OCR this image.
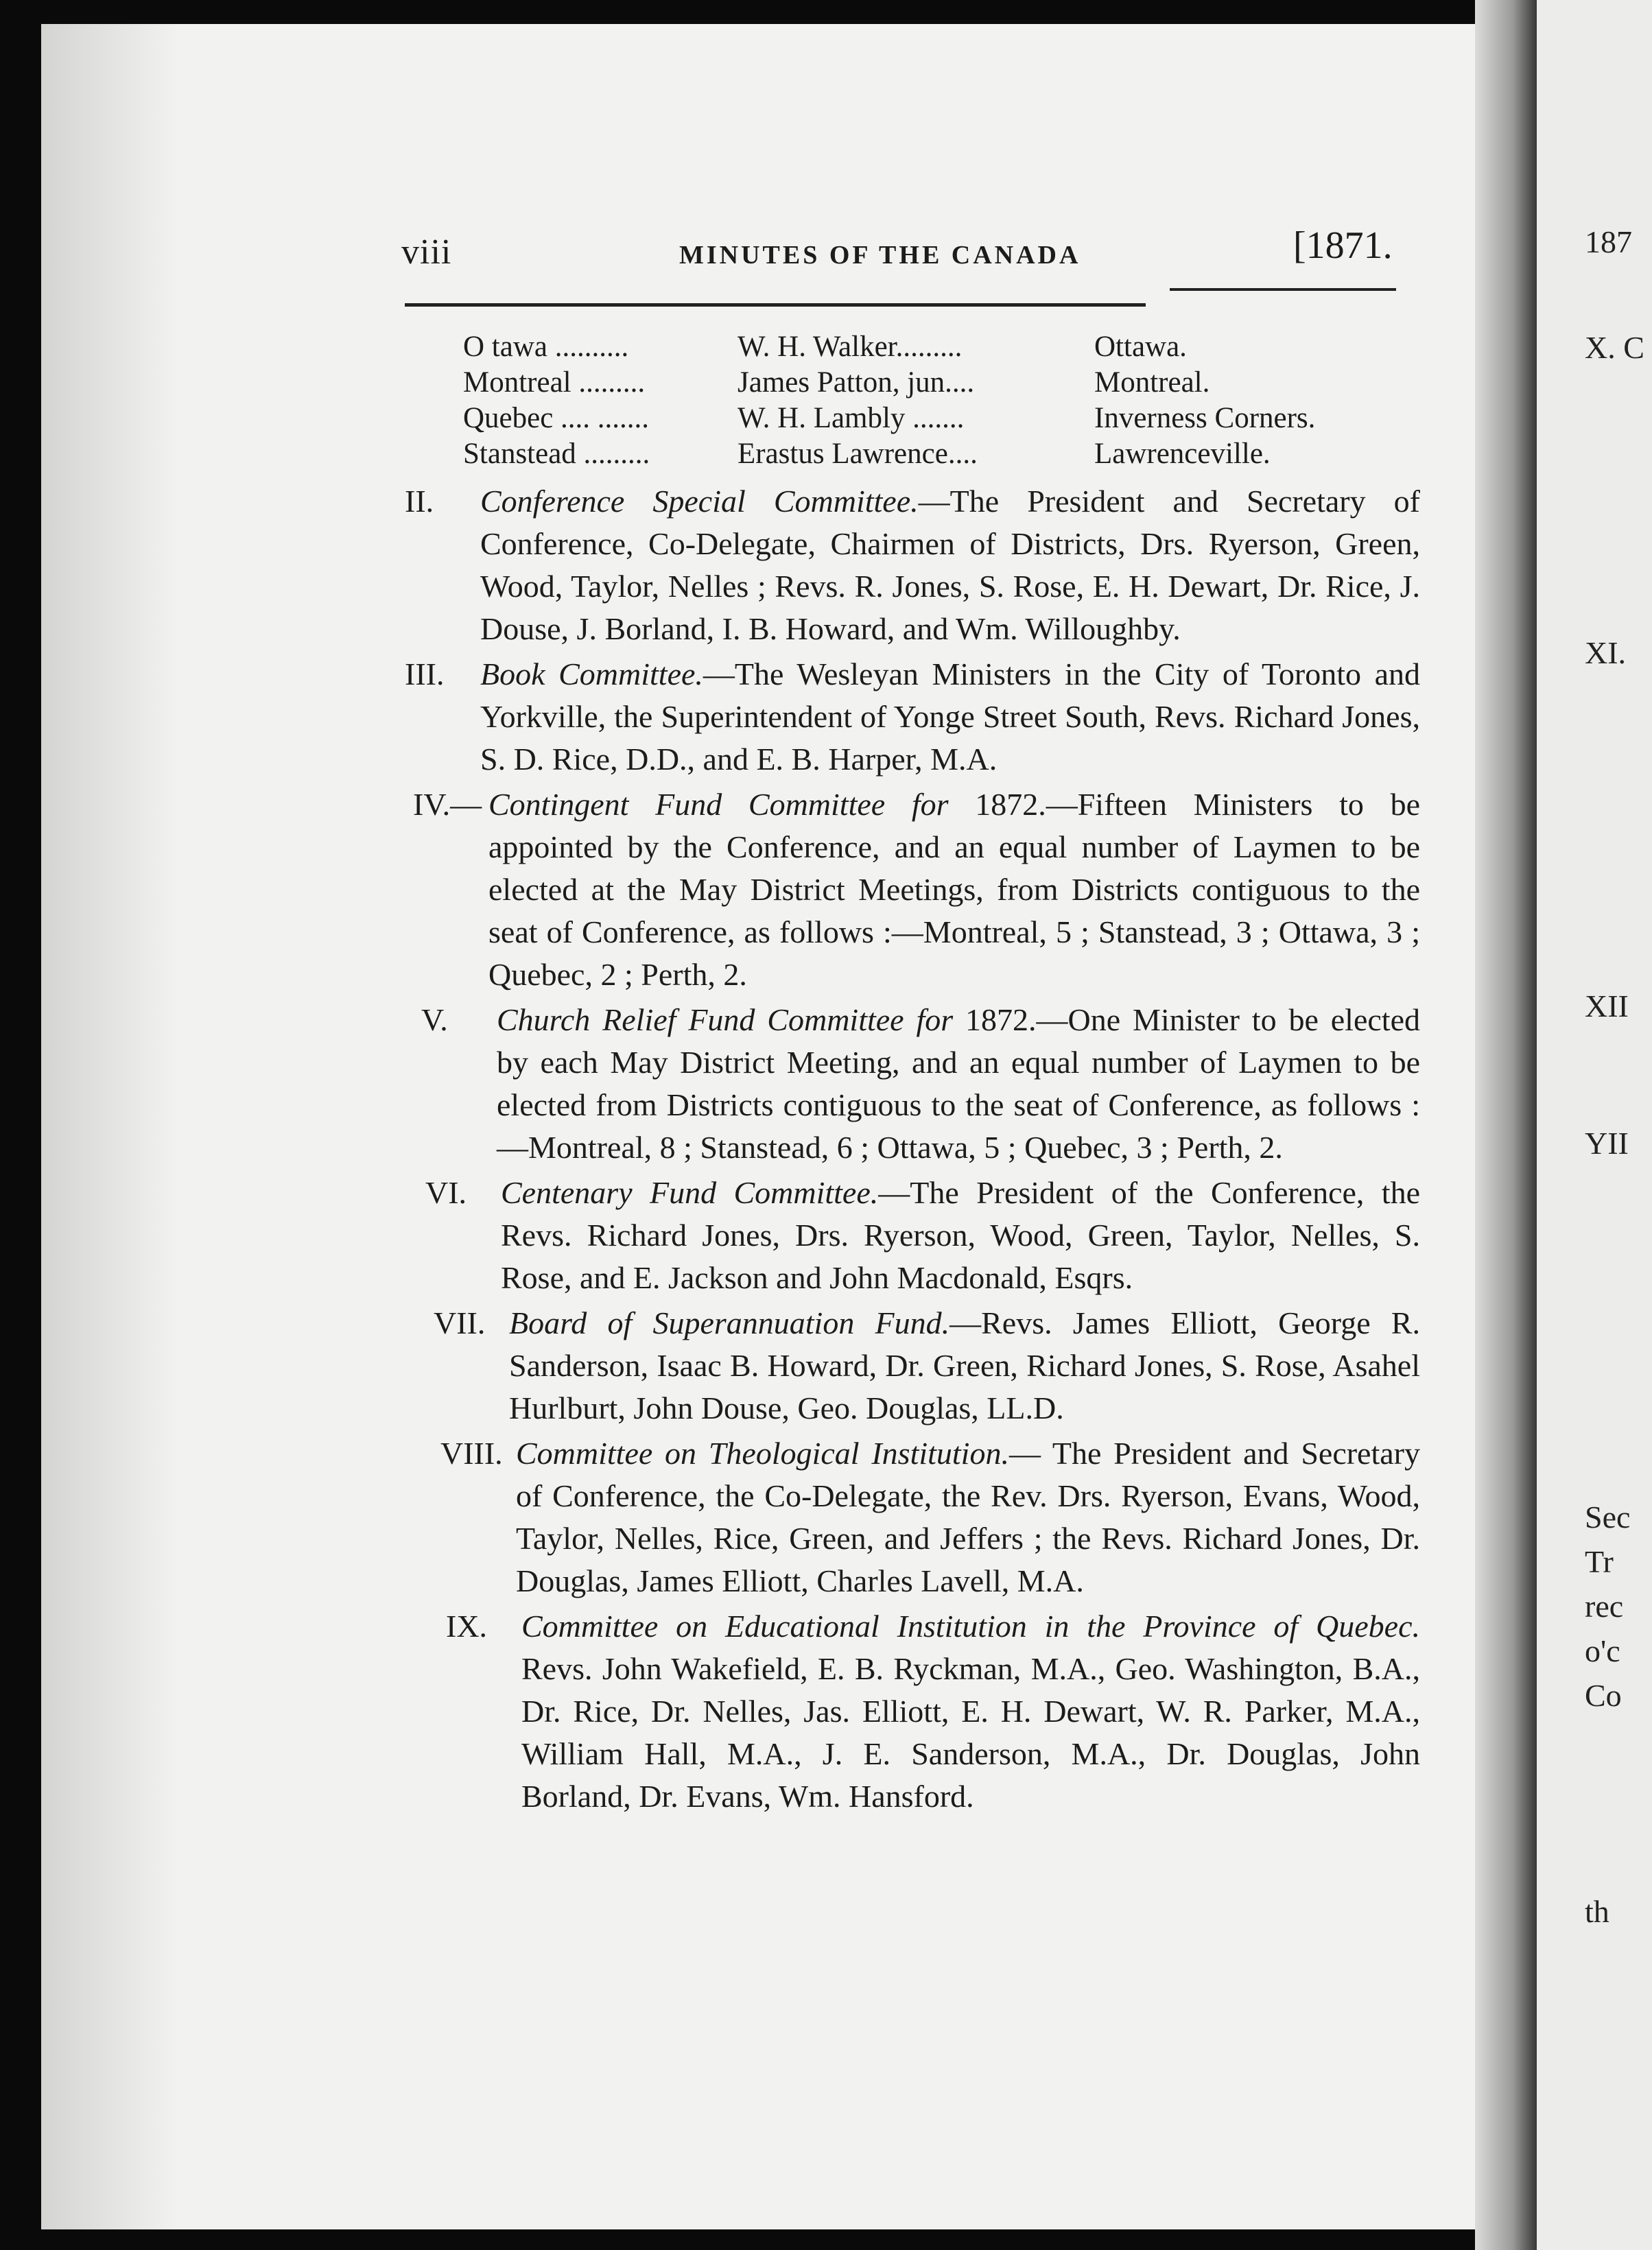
187
X. C
XI.
XII
YII
Sec
Tr
rec
o'c
Co
th
viii	MINUTES OF THE CANADA	[1871.
O tawa ..........	W. H. Walker.........	Ottawa.
Montreal .........	James Patton, jun....	Montreal.
Quebec .... .......	W. H. Lambly .......	Inverness Corners.
Stanstead .........	Erastus Lawrence....	Lawrenceville.
II. Conference Special Committee.—The President and Secretary of Conference, Co-Delegate, Chairmen of Districts, Drs. Ryerson, Green, Wood, Taylor, Nelles ; Revs. R. Jones, S. Rose, E. H. Dewart, Dr. Rice, J. Douse, J. Borland, I. B. Howard, and Wm. Willoughby.
III. Book Committee.—The Wesleyan Ministers in the City of Toronto and Yorkville, the Superintendent of Yonge Street South, Revs. Richard Jones, S. D. Rice, D.D., and E. B. Harper, M.A.
IV.— Contingent Fund Committee for 1872.—Fifteen Ministers to be appointed by the Conference, and an equal number of Laymen to be elected at the May District Meetings, from Districts contiguous to the seat of Conference, as follows :—Montreal, 5 ; Stanstead, 3 ; Ottawa, 3 ; Quebec, 2 ; Perth, 2.
V. Church Relief Fund Committee for 1872.—One Minister to be elected by each May District Meeting, and an equal number of Laymen to be elected from Districts contiguous to the seat of Conference, as follows : —Montreal, 8 ; Stanstead, 6 ; Ottawa, 5 ; Quebec, 3 ; Perth, 2.
VI. Centenary Fund Committee.—The President of the Conference, the Revs. Richard Jones, Drs. Ryerson, Wood, Green, Taylor, Nelles, S. Rose, and E. Jackson and John Macdonald, Esqrs.
VII. Board of Superannuation Fund.—Revs. James Elliott, George R. Sanderson, Isaac B. Howard, Dr. Green, Richard Jones, S. Rose, Asahel Hurlburt, John Douse, Geo. Douglas, LL.D.
VIII. Committee on Theological Institution.— The President and Secretary of Conference, the Co-Delegate, the Rev. Drs. Ryerson, Evans, Wood, Taylor, Nelles, Rice, Green, and Jeffers ; the Revs. Richard Jones, Dr. Douglas, James Elliott, Charles Lavell, M.A.
IX. Committee on Educational Institution in the Province of Quebec. Revs. John Wakefield, E. B. Ryckman, M.A., Geo. Washington, B.A., Dr. Rice, Dr. Nelles, Jas. Elliott, E. H. Dewart, W. R. Parker, M.A., William Hall, M.A., J. E. Sanderson, M.A., Dr. Douglas, John Borland, Dr. Evans, Wm. Hansford.
